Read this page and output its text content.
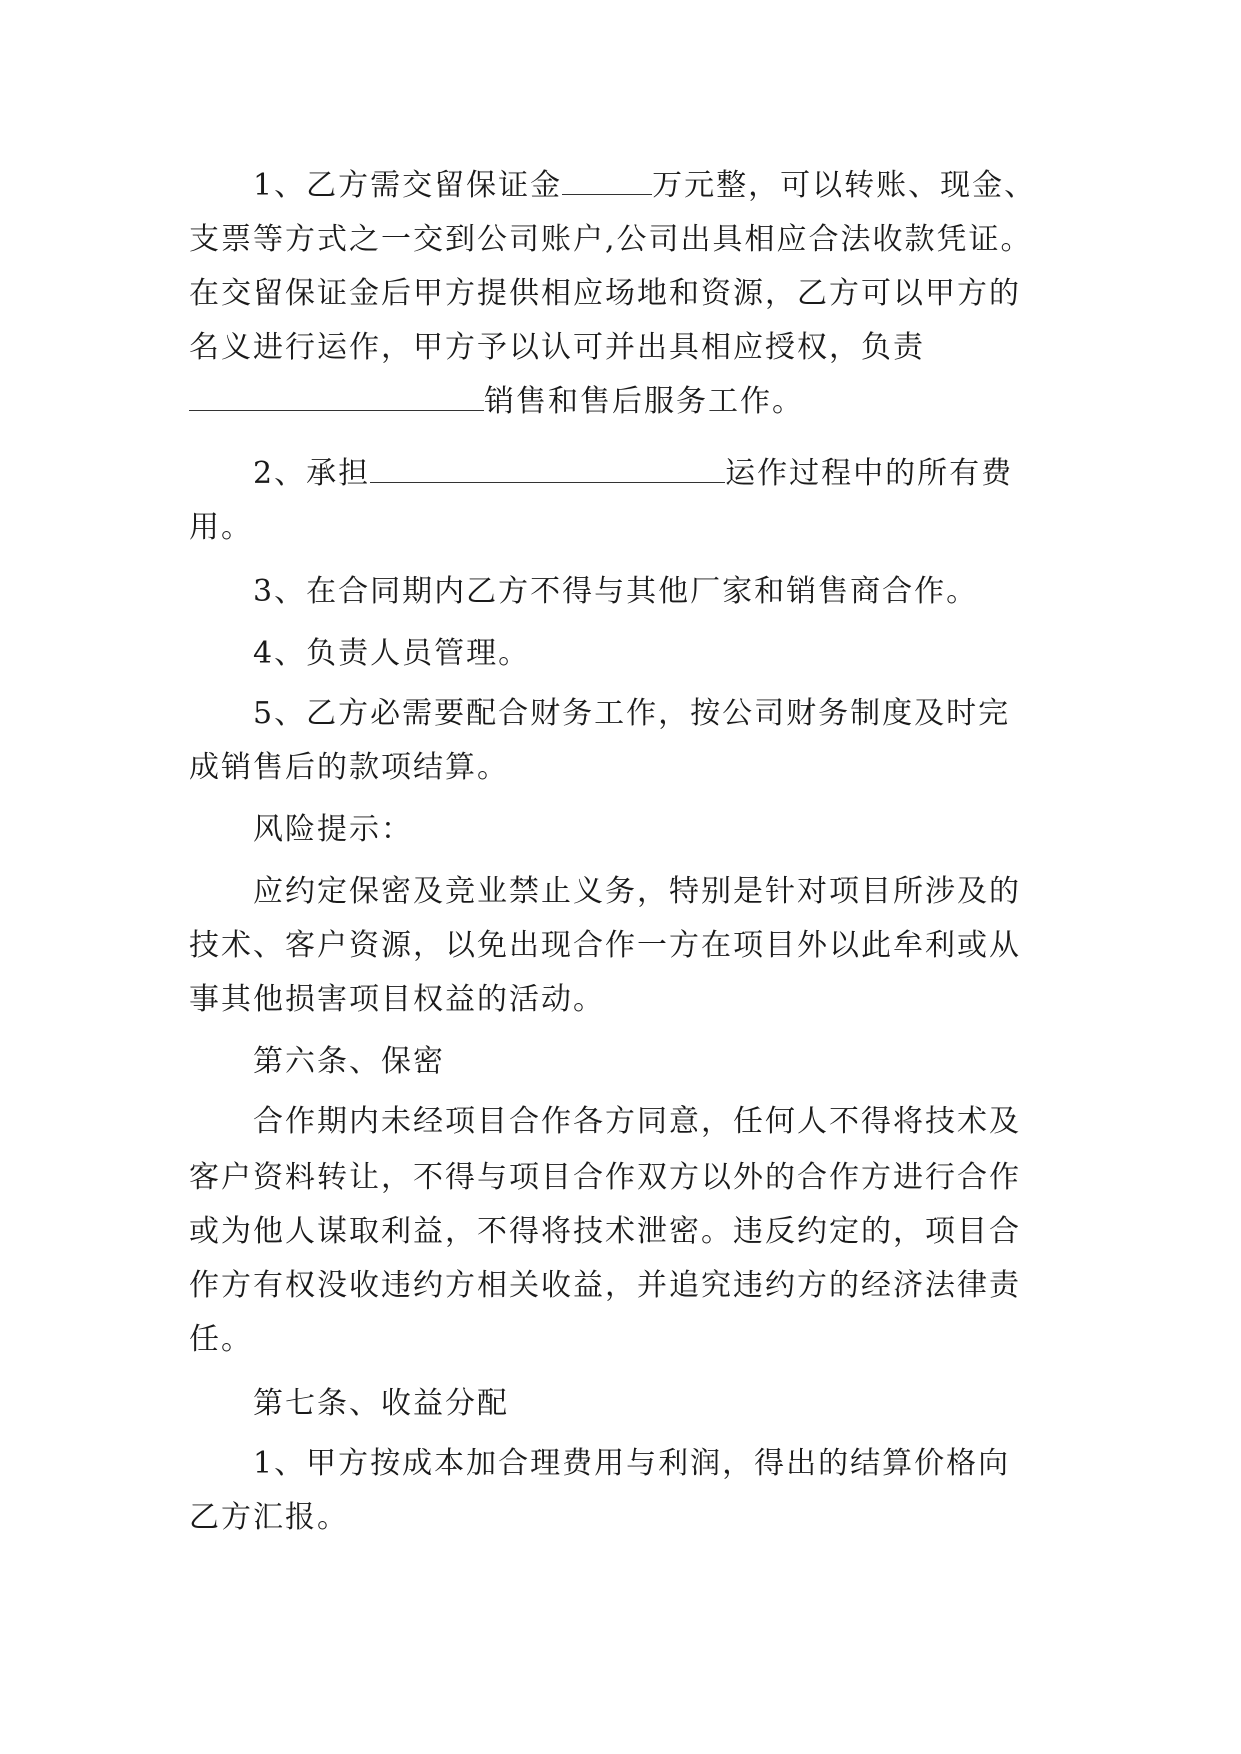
1、乙方需交留保证金	万元整，可以转账、现金、
支票等方式之一交到公司账户,公司出具相应合法收款凭证。
在交留保证金后甲方提供相应场地和资源，乙方可以甲方的
名义进行运作，甲方予以认可并出具相应授权，负责
销售和售后服务工作。
2、承担	运作过程中的所有费
用。
3、在合同期内乙方不得与其他厂家和销售商合作。
4、负责人员管理。
5、乙方必需要配合财务工作，按公司财务制度及时完
成销售后的款项结算。
风险提示：
应约定保密及竞业禁止义务，特别是针对项目所涉及的
技术、客户资源，以免出现合作一方在项目外以此牟利或从
事其他损害项目权益的活动。
第六条、保密
合作期内未经项目合作各方同意，任何人不得将技术及
客户资料转让，不得与项目合作双方以外的合作方进行合作
或为他人谋取利益，不得将技术泄密。违反约定的，项目合
作方有权没收违约方相关收益，并追究违约方的经济法律责
任。
第七条、收益分配
1、甲方按成本加合理费用与利润，得出的结算价格向
乙方汇报。
